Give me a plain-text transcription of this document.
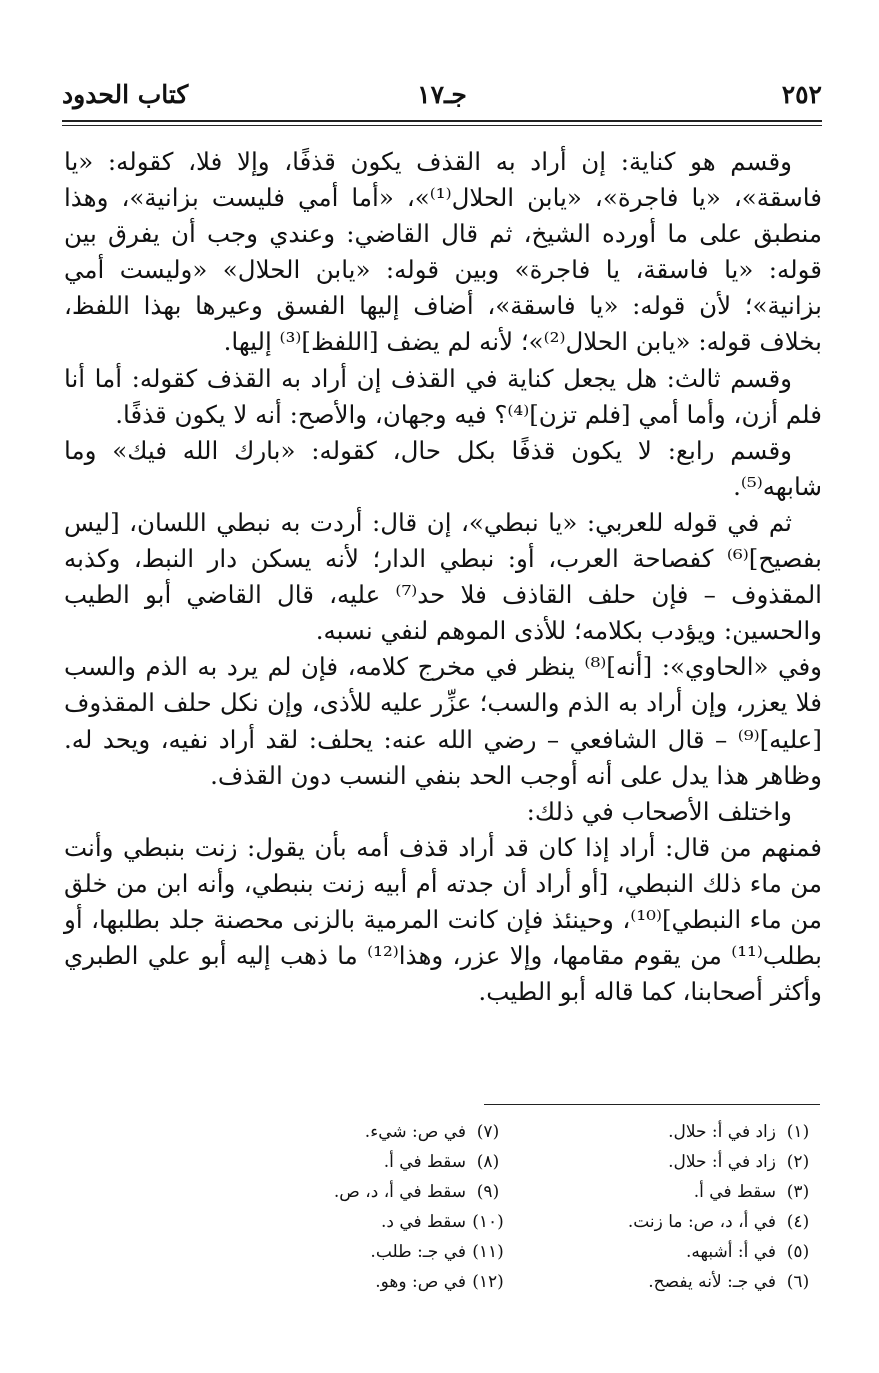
٢٥٢
جـ١٧
كتاب الحدود

وقسم هو كناية: إن أراد به القذف يكون قذفًا، وإلا فلا، كقوله: «يا فاسقة»، «يا فاجرة»، «يابن الحلال⁽¹⁾»، «أما أمي فليست بزانية»، وهذا منطبق على ما أورده الشيخ، ثم قال القاضي: وعندي وجب أن يفرق بين قوله: «يا فاسقة، يا فاجرة» وبين قوله: «يابن الحلال» «وليست أمي بزانية»؛ لأن قوله: «يا فاسقة»، أضاف إليها الفسق وعيرها بهذا اللفظ، بخلاف قوله: «يابن الحلال⁽²⁾»؛ لأنه لم يضف [اللفظ]⁽³⁾ إليها.

وقسم ثالث: هل يجعل كناية في القذف إن أراد به القذف كقوله: أما أنا فلم أزن، وأما أمي [فلم تزن]⁽⁴⁾؟ فيه وجهان، والأصح: أنه لا يكون قذفًا.

وقسم رابع: لا يكون قذفًا بكل حال، كقوله: «بارك الله فيك» وما شابهه⁽⁵⁾.

ثم في قوله للعربي: «يا نبطي»، إن قال: أردت به نبطي اللسان، [ليس بفصيح]⁽⁶⁾ كفصاحة العرب، أو: نبطي الدار؛ لأنه يسكن دار النبط، وكذبه المقذوف – فإن حلف القاذف فلا حد⁽⁷⁾ عليه، قال القاضي أبو الطيب والحسين: ويؤدب بكلامه؛ للأذى الموهم لنفي نسبه.

وفي «الحاوي»: [أنه]⁽⁸⁾ ينظر في مخرج كلامه، فإن لم يرد به الذم والسب فلا يعزر، وإن أراد به الذم والسب؛ عزِّر عليه للأذى، وإن نكل حلف المقذوف [عليه]⁽⁹⁾ – قال الشافعي – رضي الله عنه: يحلف: لقد أراد نفيه، ويحد له. وظاهر هذا يدل على أنه أوجب الحد بنفي النسب دون القذف.

واختلف الأصحاب في ذلك:

فمنهم من قال: أراد إذا كان قد أراد قذف أمه بأن يقول: زنت بنبطي وأنت من ماء ذلك النبطي، [أو أراد أن جدته أم أبيه زنت بنبطي، وأنه ابن من خلق من ماء النبطي]⁽¹⁰⁾، وحينئذ فإن كانت المرمية بالزنى محصنة جلد بطلبها، أو بطلب⁽¹¹⁾ من يقوم مقامها، وإلا عزر، وهذا⁽¹²⁾ ما ذهب إليه أبو علي الطبري وأكثر أصحابنا، كما قاله أبو الطيب.

(١)
زاد في أ: حلال.
(٢)
زاد في أ: حلال.
(٣)
سقط في أ.
(٤)
في أ، د، ص: ما زنت.
(٥)
في أ: أشبهه.
(٦)
في جـ: لأنه يفصح.
(٧)
في ص: شيء.
(٨)
سقط في أ.
(٩)
سقط في أ، د، ص.
(١٠)
سقط في د.
(١١)
في جـ: طلب.
(١٢)
في ص: وهو.
